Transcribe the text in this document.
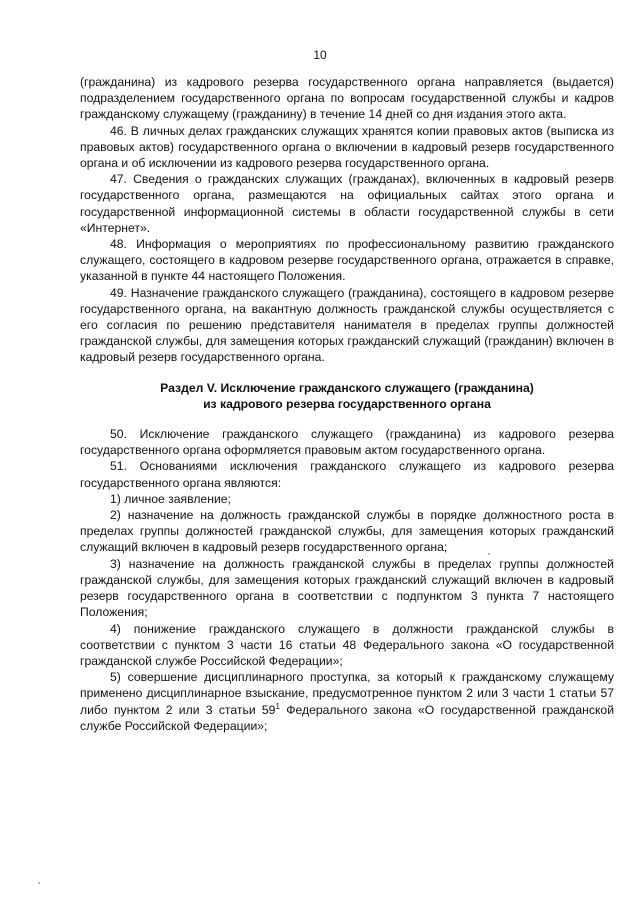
10

(гражданина) из кадрового резерва государственного органа направляется (выдается) подразделением государственного органа по вопросам государственной службы и кадров гражданскому служащему (гражданину) в течение 14 дней со дня издания этого акта.

46. В личных делах гражданских служащих хранятся копии правовых актов (выписка из правовых актов) государственного органа о включении в кадровый резерв государственного органа и об исключении из кадрового резерва государственного органа.

47. Сведения о гражданских служащих (гражданах), включенных в кадровый резерв государственного органа, размещаются на официальных сайтах этого органа и государственной информационной системы в области государственной службы в сети «Интернет».

48. Информация о мероприятиях по профессиональному развитию гражданского служащего, состоящего в кадровом резерве государственного органа, отражается в справке, указанной в пункте 44 настоящего Положения.

49. Назначение гражданского служащего (гражданина), состоящего в кадровом резерве государственного органа, на вакантную должность гражданской службы осуществляется с его согласия по решению представителя нанимателя в пределах группы должностей гражданской службы, для замещения которых гражданский служащий (гражданин) включен в кадровый резерв государственного органа.

Раздел V. Исключение гражданского служащего (гражданина)

из кадрового резерва государственного органа

50. Исключение гражданского служащего (гражданина) из кадрового резерва государственного органа оформляется правовым актом государственного органа.

51. Основаниями исключения гражданского служащего из кадрового резерва государственного органа являются:

1) личное заявление;

2) назначение на должность гражданской службы в порядке должностного роста в пределах группы должностей гражданской службы, для замещения которых гражданский служащий включен в кадровый резерв государственного органа;

3) назначение на должность гражданской службы в пределах группы должностей гражданской службы, для замещения которых гражданский служащий включен в кадровый резерв государственного органа в соответствии с подпунктом 3 пункта 7 настоящего Положения;

4) понижение гражданского служащего в должности гражданской службы в соответствии с пунктом 3 части 16 статьи 48 Федерального закона «О государственной гражданской службе Российской Федерации»;

5) совершение дисциплинарного проступка, за который к гражданскому служащему применено дисциплинарное взыскание, предусмотренное пунктом 2 или 3 части 1 статьи 57 либо пунктом 2 или 3 статьи $59^1$ Федерального закона «О государственной гражданской службе Российской Федерации»;
